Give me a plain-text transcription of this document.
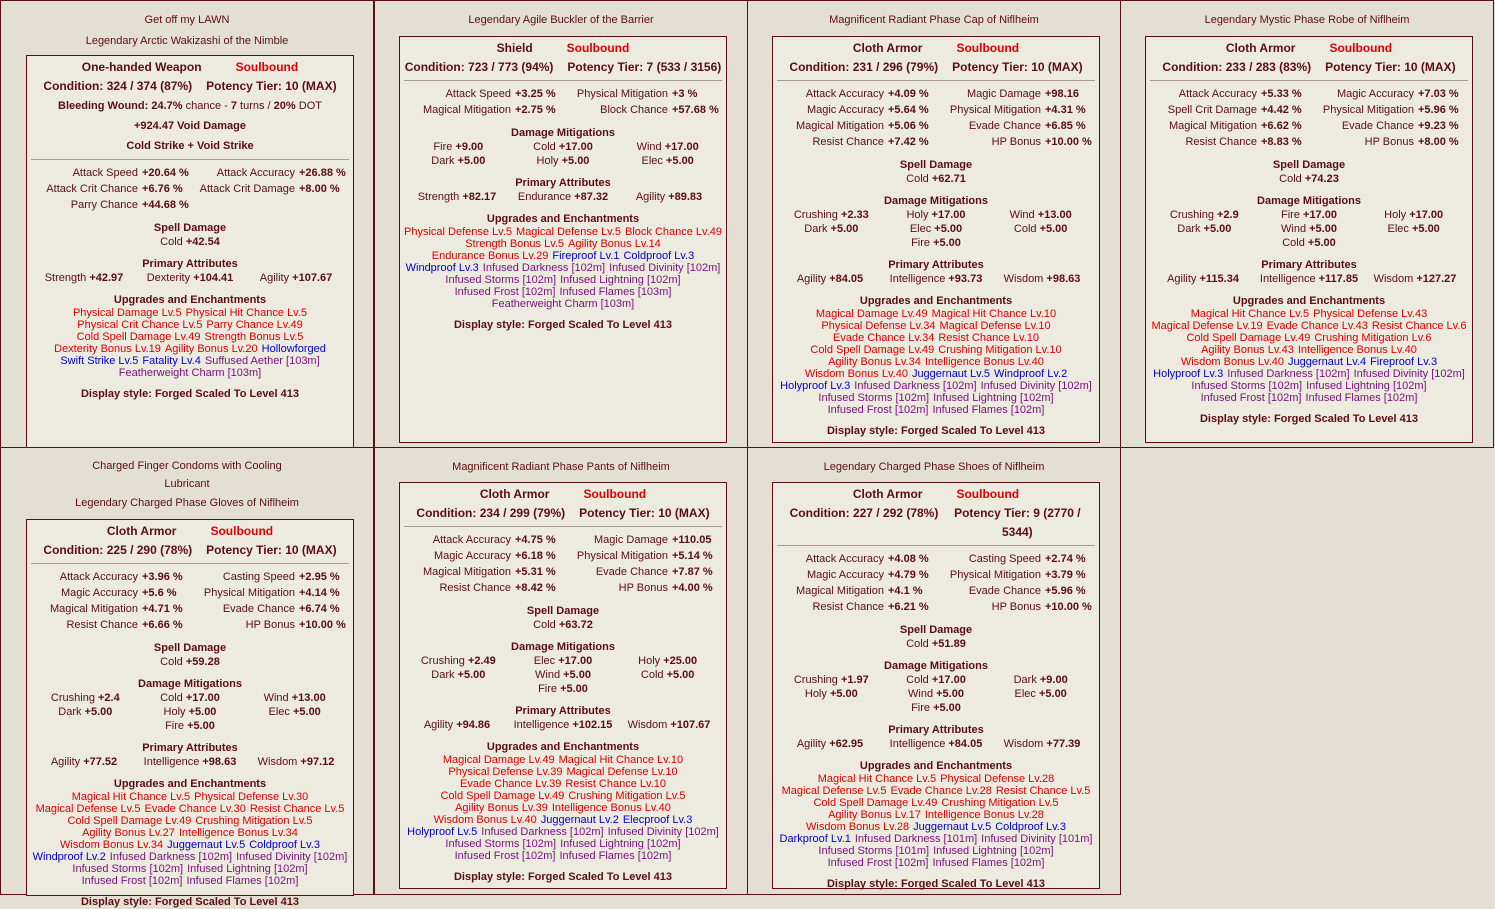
Get off my LAWN
Legendary Arctic Wakizashi of the Nimble
One-handed Weapon	Soulbound
Condition: 324 / 374 (87%) Potency Tier: 10 (MAX)
Bleeding Wound: 24.7% chance - 7 turns / 20% DOT
+924.47 Void Damage
Cold Strike + Void Strike
Attack Speed +20.64 %	Attack Accuracy +26.88 %
Attack Crit Chance +6.76 %	Attack Crit Damage +8.00 %
Parry Chance +44.68 %
Spell Damage
Cold +42.54
Primary Attributes
Strength +42.97	Dexterity +104.41	Agility +107.67
Upgrades and Enchantments
Physical Damage Lv.5 Physical Hit Chance Lv.5
Physical Crit Chance Lv.5 Parry Chance Lv.49
Cold Spell Damage Lv.49 Strength Bonus Lv.5
Dexterity Bonus Lv.19 Agility Bonus Lv.20 Hollowforged
Swift Strike Lv.5 Fatality Lv.4 Suffused Aether [103m]
Featherweight Charm [103m]
Display style: Forged Scaled To Level 413
Legendary Agile Buckler of the Barrier
Shield	Soulbound
Condition: 723 / 773 (94%) Potency Tier: 7 (533 / 3156)
Attack Speed +3.25 %	Physical Mitigation +3 %
Magical Mitigation +2.75 %	Block Chance +57.68 %
Damage Mitigations
Fire +9.00	Cold +17.00	Wind +17.00
Dark +5.00	Holy +5.00	Elec +5.00
Primary Attributes
Strength +82.17	Endurance +87.32	Agility +89.83
Upgrades and Enchantments
Physical Defense Lv.5 Magical Defense Lv.5 Block Chance Lv.49
Strength Bonus Lv.5 Agility Bonus Lv.14
Endurance Bonus Lv.29 Fireproof Lv.1 Coldproof Lv.3
Windproof Lv.3 Infused Darkness [102m] Infused Divinity [102m]
Infused Storms [102m] Infused Lightning [102m]
Infused Frost [102m] Infused Flames [103m]
Featherweight Charm [103m]
Display style: Forged Scaled To Level 413
Magnificent Radiant Phase Cap of Niflheim
Cloth Armor	Soulbound
Condition: 231 / 296 (79%) Potency Tier: 10 (MAX)
Attack Accuracy +4.09 %	Magic Damage +98.16
Magic Accuracy +5.64 %	Physical Mitigation +4.31 %
Magical Mitigation +5.06 %	Evade Chance +6.85 %
Resist Chance +7.42 %	HP Bonus +10.00 %
Spell Damage
Cold +62.71
Damage Mitigations
Crushing +2.33	Holy +17.00	Wind +13.00
Dark +5.00	Elec +5.00	Cold +5.00
Fire +5.00
Primary Attributes
Agility +84.05	Intelligence +93.73	Wisdom +98.63
Upgrades and Enchantments
Magical Damage Lv.49 Magical Hit Chance Lv.10
Physical Defense Lv.34 Magical Defense Lv.10
Evade Chance Lv.34 Resist Chance Lv.10
Cold Spell Damage Lv.49 Crushing Mitigation Lv.10
Agility Bonus Lv.34 Intelligence Bonus Lv.40
Wisdom Bonus Lv.40 Juggernaut Lv.5 Windproof Lv.2
Holyproof Lv.3 Infused Darkness [102m] Infused Divinity [102m]
Infused Storms [102m] Infused Lightning [102m]
Infused Frost [102m] Infused Flames [102m]
Display style: Forged Scaled To Level 413
Legendary Mystic Phase Robe of Niflheim
Cloth Armor	Soulbound
Condition: 233 / 283 (83%) Potency Tier: 10 (MAX)
Attack Accuracy +5.33 %	Magic Accuracy +7.03 %
Spell Crit Damage +4.42 %	Physical Mitigation +5.96 %
Magical Mitigation +6.62 %	Evade Chance +9.23 %
Resist Chance +8.83 %	HP Bonus +8.00 %
Spell Damage
Cold +74.23
Damage Mitigations
Crushing +2.9	Fire +17.00	Holy +17.00
Dark +5.00	Wind +5.00	Elec +5.00
Cold +5.00
Primary Attributes
Agility +115.34	Intelligence +117.85	Wisdom +127.27
Upgrades and Enchantments
Magical Hit Chance Lv.5 Physical Defense Lv.43
Magical Defense Lv.19 Evade Chance Lv.43 Resist Chance Lv.6
Cold Spell Damage Lv.49 Crushing Mitigation Lv.6
Agility Bonus Lv.43 Intelligence Bonus Lv.40
Wisdom Bonus Lv.40 Juggernaut Lv.4 Fireproof Lv.3
Holyproof Lv.3 Infused Darkness [102m] Infused Divinity [102m]
Infused Storms [102m] Infused Lightning [102m]
Infused Frost [102m] Infused Flames [102m]
Display style: Forged Scaled To Level 413
Charged Finger Condoms with Cooling Lubricant
Legendary Charged Phase Gloves of Niflheim
Cloth Armor	Soulbound
Condition: 225 / 290 (78%) Potency Tier: 10 (MAX)
Attack Accuracy +3.96 %	Casting Speed +2.95 %
Magic Accuracy +5.6 %	Physical Mitigation +4.14 %
Magical Mitigation +4.71 %	Evade Chance +6.74 %
Resist Chance +6.66 %	HP Bonus +10.00 %
Spell Damage
Cold +59.28
Damage Mitigations
Crushing +2.4	Cold +17.00	Wind +13.00
Dark +5.00	Holy +5.00	Elec +5.00
Fire +5.00
Primary Attributes
Agility +77.52	Intelligence +98.63	Wisdom +97.12
Upgrades and Enchantments
Magical Hit Chance Lv.5 Physical Defense Lv.30
Magical Defense Lv.5 Evade Chance Lv.30 Resist Chance Lv.5
Cold Spell Damage Lv.49 Crushing Mitigation Lv.5
Agility Bonus Lv.27 Intelligence Bonus Lv.34
Wisdom Bonus Lv.34 Juggernaut Lv.5 Coldproof Lv.3
Windproof Lv.2 Infused Darkness [102m] Infused Divinity [102m]
Infused Storms [102m] Infused Lightning [102m]
Infused Frost [102m] Infused Flames [102m]
Display style: Forged Scaled To Level 413
Magnificent Radiant Phase Pants of Niflheim
Cloth Armor	Soulbound
Condition: 234 / 299 (79%) Potency Tier: 10 (MAX)
Attack Accuracy +4.75 %	Magic Damage +110.05
Magic Accuracy +6.18 %	Physical Mitigation +5.14 %
Magical Mitigation +5.31 %	Evade Chance +7.87 %
Resist Chance +8.42 %	HP Bonus +4.00 %
Spell Damage
Cold +63.72
Damage Mitigations
Crushing +2.49	Elec +17.00	Holy +25.00
Dark +5.00	Wind +5.00	Cold +5.00
Fire +5.00
Primary Attributes
Agility +94.86	Intelligence +102.15	Wisdom +107.67
Upgrades and Enchantments
Magical Damage Lv.49 Magical Hit Chance Lv.10
Physical Defense Lv.39 Magical Defense Lv.10
Evade Chance Lv.39 Resist Chance Lv.10
Cold Spell Damage Lv.49 Crushing Mitigation Lv.5
Agility Bonus Lv.39 Intelligence Bonus Lv.40
Wisdom Bonus Lv.40 Juggernaut Lv.2 Elecproof Lv.3
Holyproof Lv.5 Infused Darkness [102m] Infused Divinity [102m]
Infused Storms [102m] Infused Lightning [102m]
Infused Frost [102m] Infused Flames [102m]
Display style: Forged Scaled To Level 413
Legendary Charged Phase Shoes of Niflheim
Cloth Armor	Soulbound
Condition: 227 / 292 (78%) Potency Tier: 9 (2770 / 5344)
Attack Accuracy +4.08 %	Casting Speed +2.74 %
Magic Accuracy +4.79 %	Physical Mitigation +3.79 %
Magical Mitigation +4.1 %	Evade Chance +5.96 %
Resist Chance +6.21 %	HP Bonus +10.00 %
Spell Damage
Cold +51.89
Damage Mitigations
Crushing +1.97	Cold +17.00	Dark +9.00
Holy +5.00	Wind +5.00	Elec +5.00
Fire +5.00
Primary Attributes
Agility +62.95	Intelligence +84.05	Wisdom +77.39
Upgrades and Enchantments
Magical Hit Chance Lv.5 Physical Defense Lv.28
Magical Defense Lv.5 Evade Chance Lv.28 Resist Chance Lv.5
Cold Spell Damage Lv.49 Crushing Mitigation Lv.5
Agility Bonus Lv.17 Intelligence Bonus Lv.28
Wisdom Bonus Lv.28 Juggernaut Lv.5 Coldproof Lv.3
Darkproof Lv.1 Infused Darkness [101m] Infused Divinity [101m]
Infused Storms [101m] Infused Lightning [102m]
Infused Frost [102m] Infused Flames [102m]
Display style: Forged Scaled To Level 413
